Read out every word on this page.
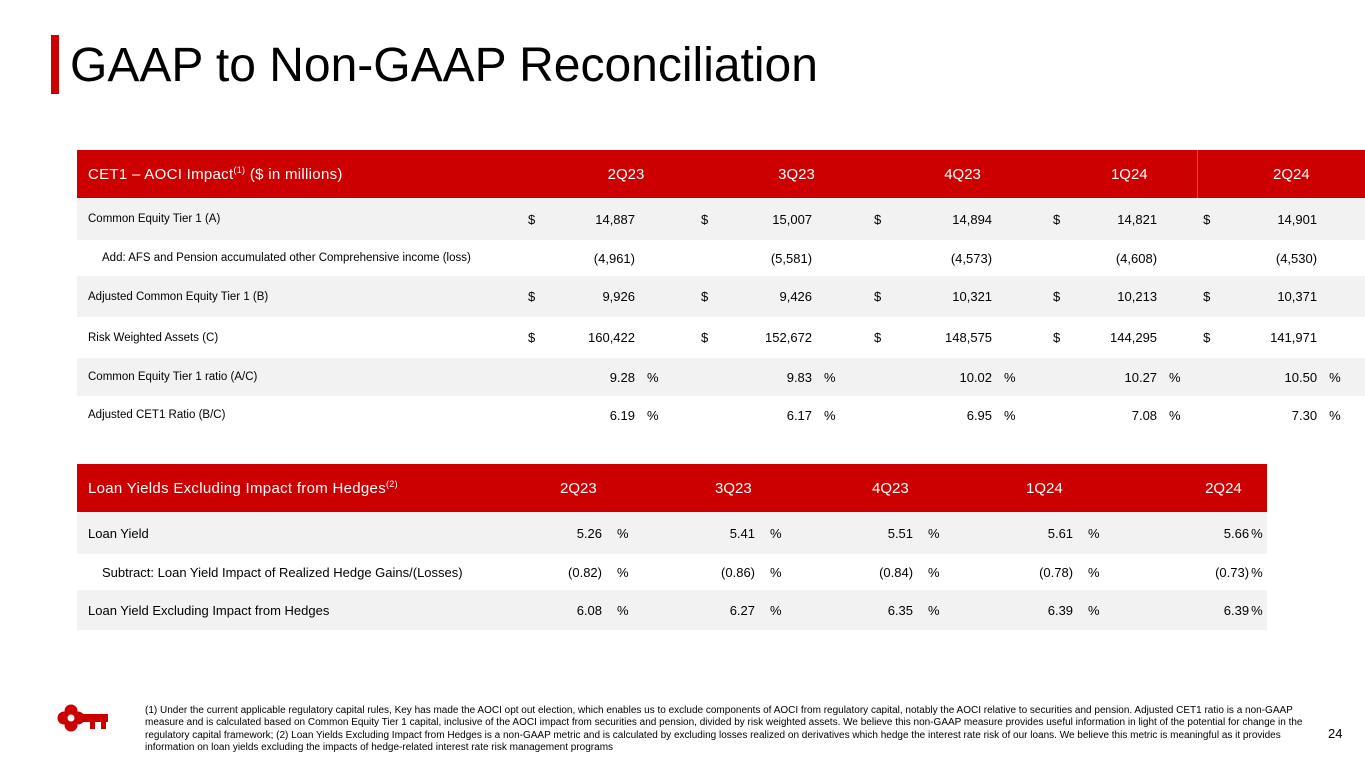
GAAP to Non-GAAP Reconciliation
CET1 – AOCI Impact$^{(1)}$ ($ in millions)	2Q23			3Q23			4Q23			1Q24			2Q24		
Common Equity Tier 1 (A)	$	14,887		$	15,007		$	14,894		$	14,821		$	14,901	
Add: AFS and Pension accumulated other Comprehensive income (loss)		(4,961)			(5,581)			(4,573)			(4,608)			(4,530)	
Adjusted Common Equity Tier 1 (B)	$	9,926		$	9,426		$	10,321		$	10,213		$	10,371	
Risk Weighted Assets (C)	$	160,422		$	152,672		$	148,575		$	144,295		$	141,971	
Common Equity Tier 1 ratio (A/C)		9.28	%		9.83	%		10.02	%		10.27	%		10.50	%
Adjusted CET1 Ratio (B/C)		6.19	%		6.17	%		6.95	%		7.08	%		7.30	%
Loan Yields Excluding Impact from Hedges$^{(2)}$	2Q23		3Q23		4Q23		1Q24		2Q24	
Loan Yield	5.26	%	5.41	%	5.51	%	5.61	%	5.66	%
Subtract: Loan Yield Impact of Realized Hedge Gains/(Losses)	(0.82)	%	(0.86)	%	(0.84)	%	(0.78)	%	(0.73)	%
Loan Yield Excluding Impact from Hedges	6.08	%	6.27	%	6.35	%	6.39	%	6.39	%
(1) Under the current applicable regulatory capital rules, Key has made the AOCI opt out election, which enables us to exclude components of AOCI from regulatory capital, notably the AOCI relative to securities and pension. Adjusted CET1 ratio is a non-GAAP measure and is calculated based on Common Equity Tier 1 capital, inclusive of the AOCI impact from securities and pension, divided by risk weighted assets. We believe this non-GAAP measure provides useful information in light of the potential for change in the regulatory capital framework; (2) Loan Yields Excluding Impact from Hedges is a non-GAAP metric and is calculated by excluding losses realized on derivatives which hedge the interest rate risk of our loans. We believe this metric is meaningful as it provides information on loan yields excluding the impacts of hedge-related interest rate risk management programs
24
